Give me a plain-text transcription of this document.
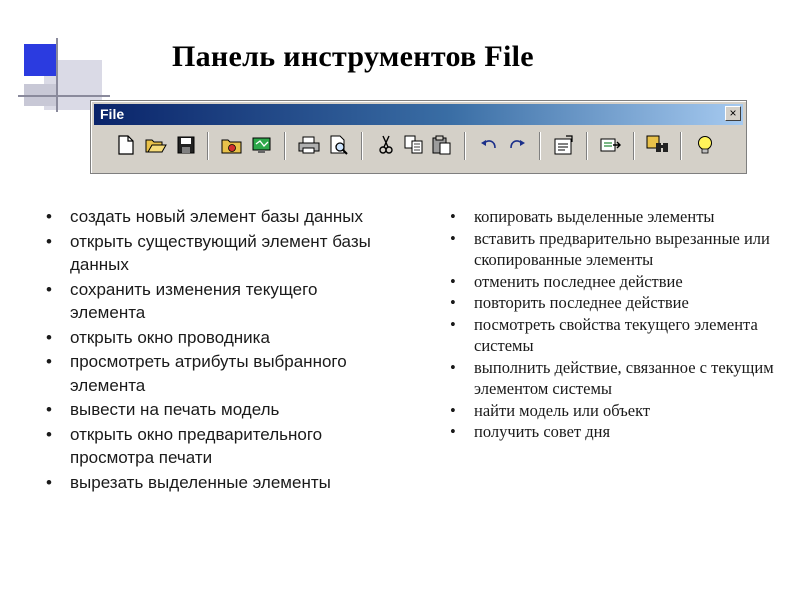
Панель инструментов File
File	×
• создать новый элемент базы данных
• открыть существующий элемент базы данных
• сохранить изменения текущего элемента
• открыть окно проводника
• просмотреть атрибуты выбранного элемента
• вывести на печать модель
• открыть окно предварительного просмотра печати
• вырезать выделенные элементы
• копировать выделенные элементы
• вставить предварительно вырезанные или скопированные элементы
• отменить последнее действие
• повторить последнее действие
• посмотреть свойства текущего элемента системы
• выполнить действие, связанное с текущим элементом системы
• найти модель или объект
• получить совет дня
